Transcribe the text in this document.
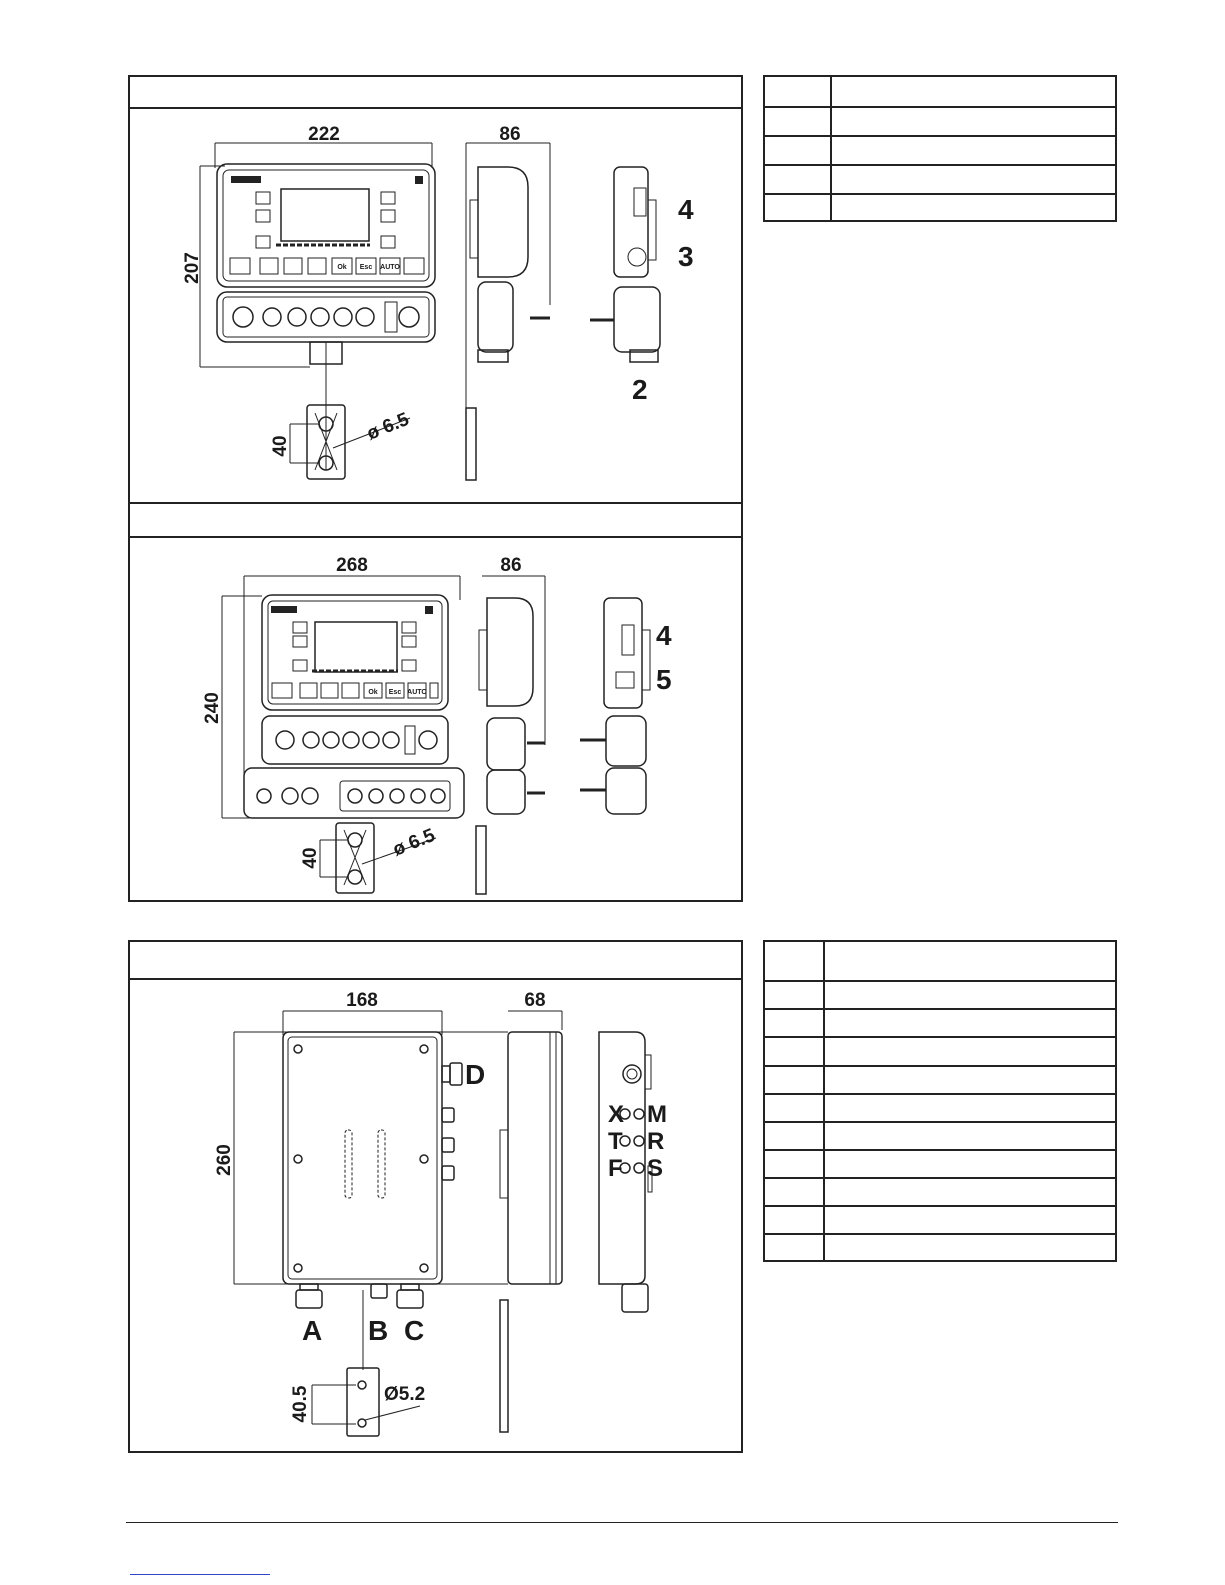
222	86
207
40
ø 6.5
Ok Esc AUTO
4
3
2
268	86
240
40	ø 6.5
Ok Esc AUTO
4
5
168	68
260
40.5	Ø5.2
A B C
D
X M
T R
F S
